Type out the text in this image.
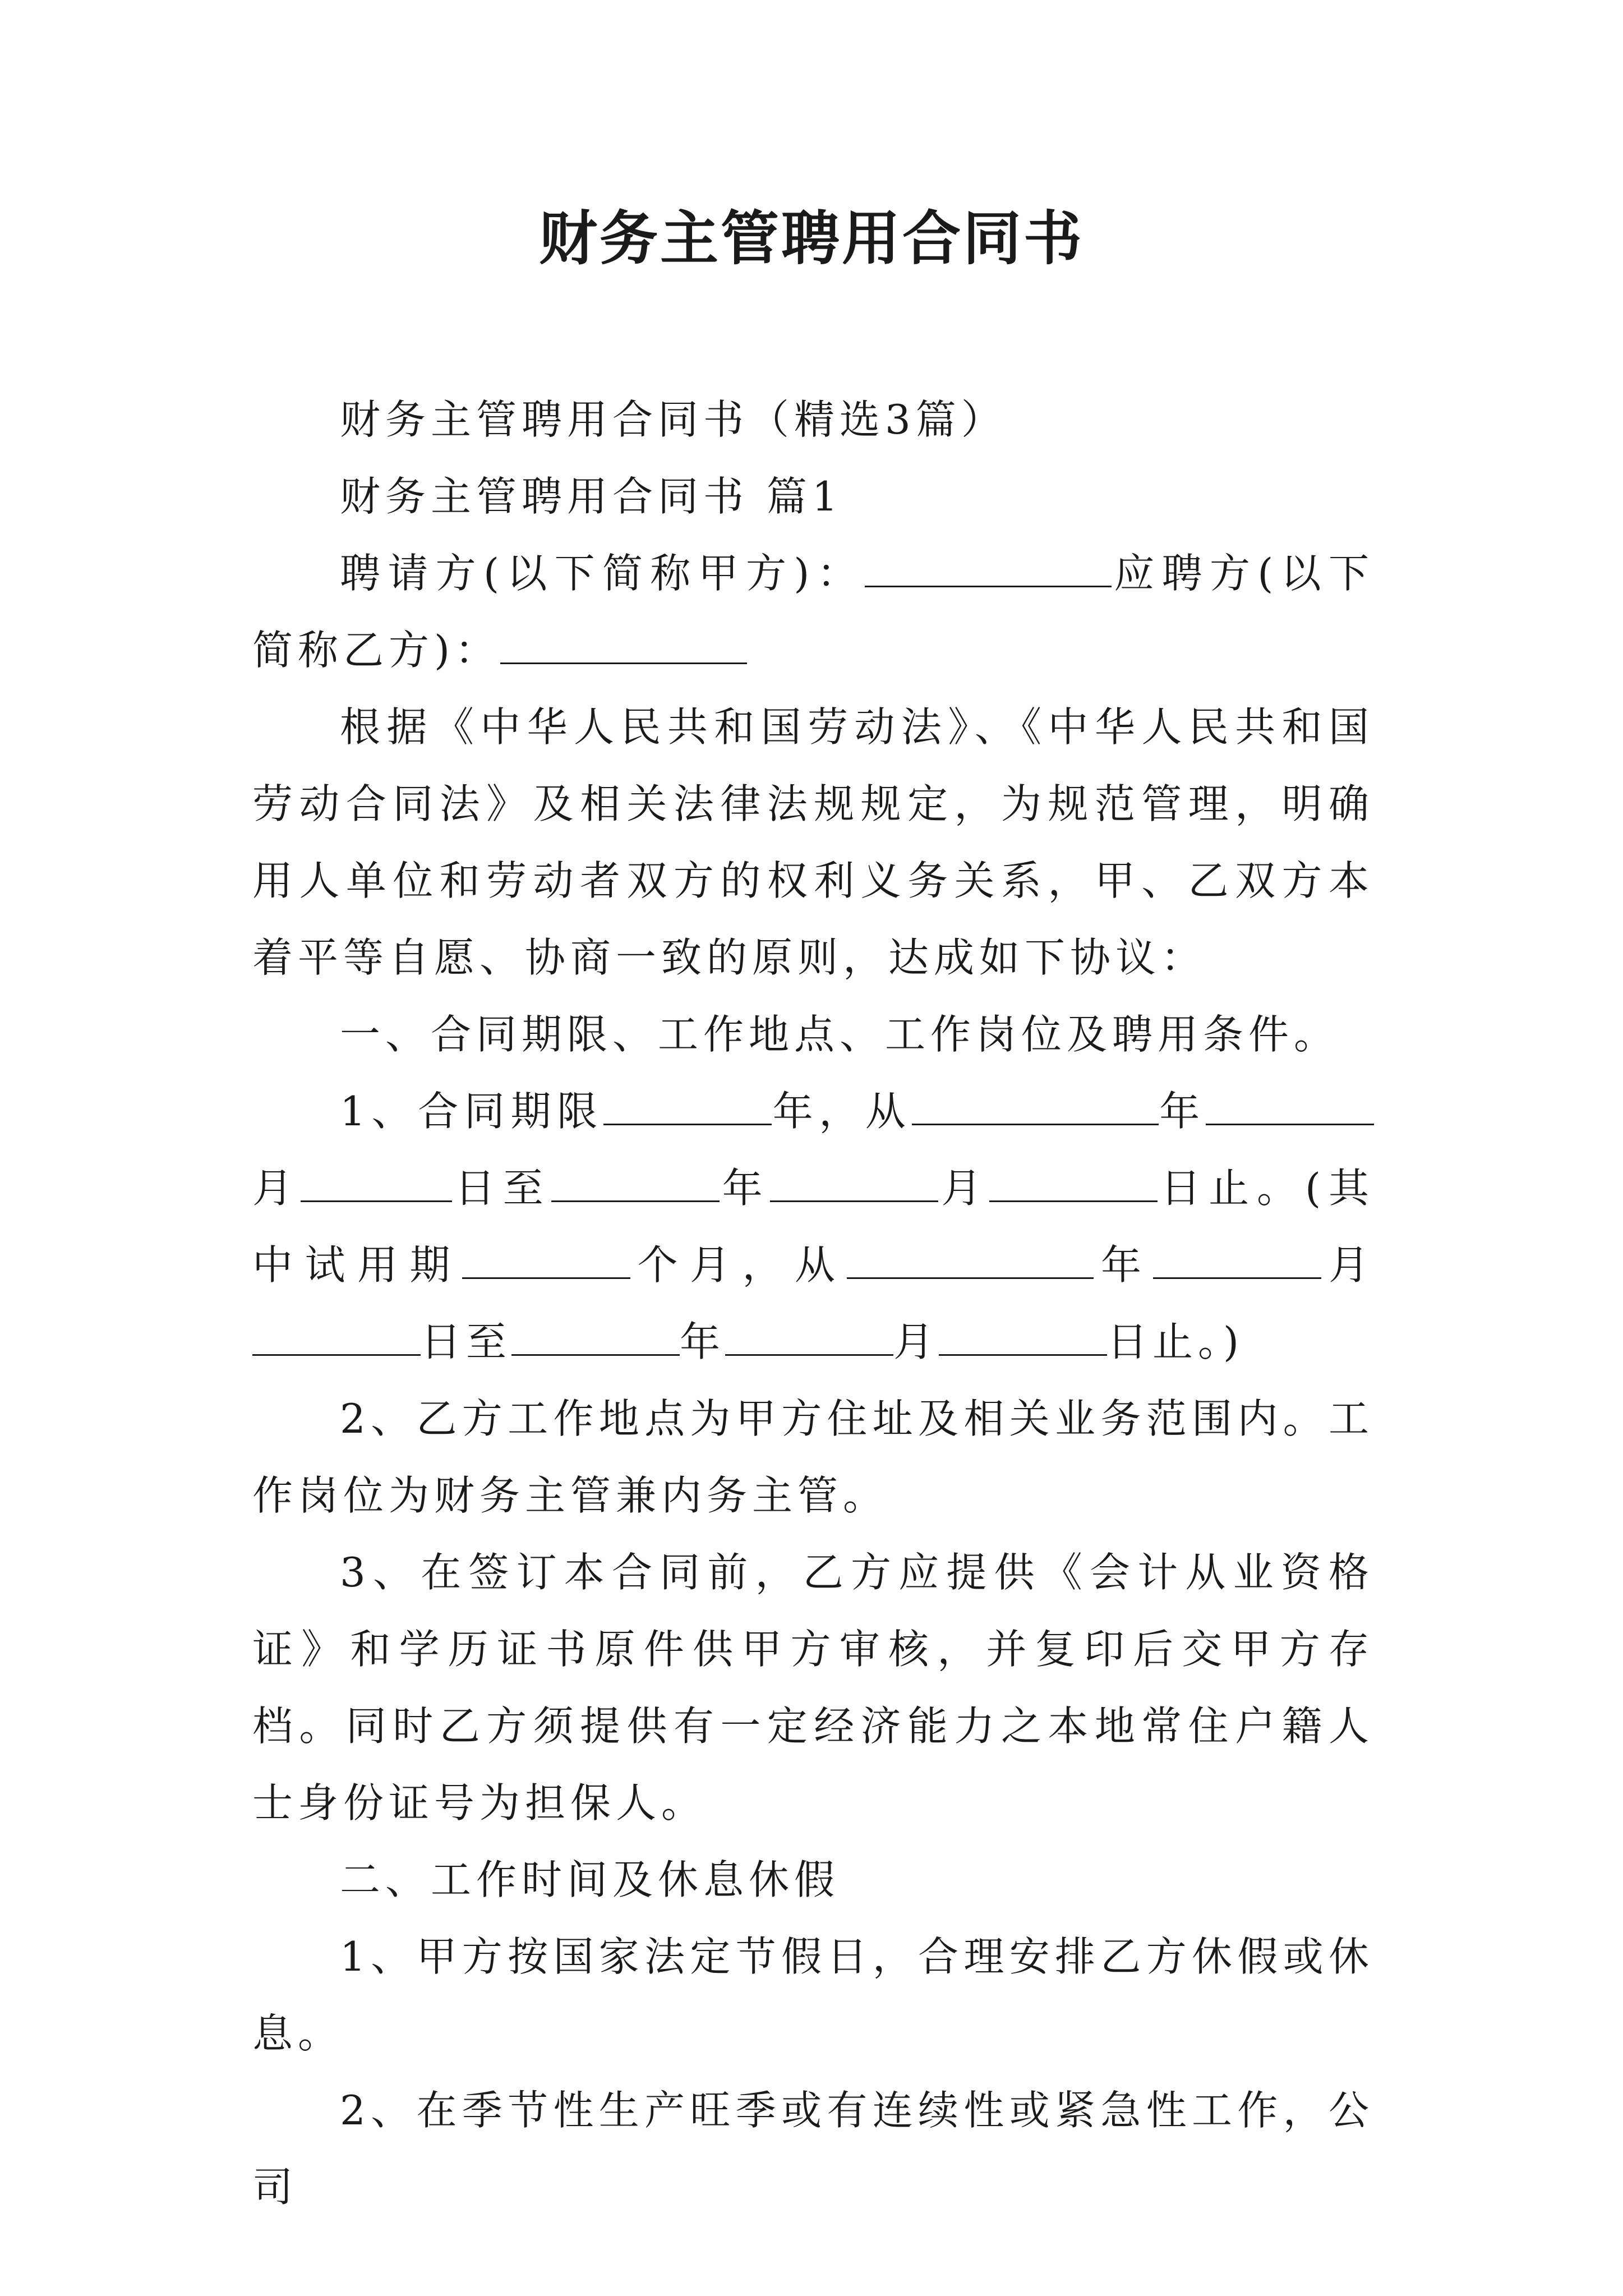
财务主管聘用合同书

财务主管聘用合同书（精选3篇）

财务主管聘用合同书 篇1

聘请方(以下简称甲方)：	应聘方(以下简称乙方)：

根据《中华人民共和国劳动法》、《中华人民共和国劳动合同法》及相关法律法规规定，为规范管理，明确用人单位和劳动者双方的权利义务关系，甲、乙双方本着平等自愿、协商一致的原则，达成如下协议：

一、合同期限、工作地点、工作岗位及聘用条件。

1、合同期限	年，从	年月	日至	年	月	日止。(其中试用期	个月，从	年	月日至	年	月	日止。)

2、乙方工作地点为甲方住址及相关业务范围内。工作岗位为财务主管兼内务主管。

3、在签订本合同前，乙方应提供《会计从业资格证》和学历证书原件供甲方审核，并复印后交甲方存档。同时乙方须提供有一定经济能力之本地常住户籍人士身份证号为担保人。

二、工作时间及休息休假

1、甲方按国家法定节假日，合理安排乙方休假或休息。

2、在季节性生产旺季或有连续性或紧急性工作，公司
